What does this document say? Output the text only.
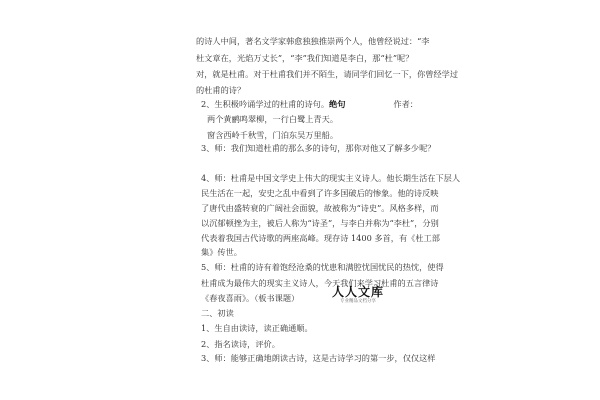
的诗人中间，著名文学家韩愈独独推崇两个人，他曾经说过：“李
杜文章在，光焰万丈长”，“李”我们知道是李白，那“杜”呢？
对，就是杜甫。对于杜甫我们并不陌生，请同学们回忆一下，你曾经学过
的杜甫的诗？
2、生积极吟诵学过的杜甫的诗句。绝句	作者：
两个黄鹂鸣翠柳，一行白鹭上青天。
窗含西岭千秋雪，门泊东吴万里船。
3、师：我们知道杜甫的那么多的诗句，那你对他又了解多少呢？
4、师：杜甫是中国文学史上伟大的现实主义诗人。他长期生活在下层人
民生活在一起，安史之乱中看到了许多国破后的惨象。他的诗反映
了唐代由盛转衰的广阔社会面貌，故被称为“诗史”。风格多样，而
以沉郁顿挫为主，被后人称为“诗圣”，与李白并称为“李杜”，分别
代表着我国古代诗歌的两座高峰。现存诗 1400 多首，有《杜工部
集》传世。
5、师：杜甫的诗有着饱经沧桑的忧患和满腔忧国忧民的热忱，使得
杜甫成为最伟大的现实主义诗人，今天我们来学习杜甫的五言律诗
《春夜喜雨》。（板书课题）
二、初读
1、生自由读诗，读正确通顺。
2、指名读诗，评价。
3、师：能够正确地朗读古诗，这是古诗学习的第一步，仅仅这样
人人文库
专业精品文档分享
